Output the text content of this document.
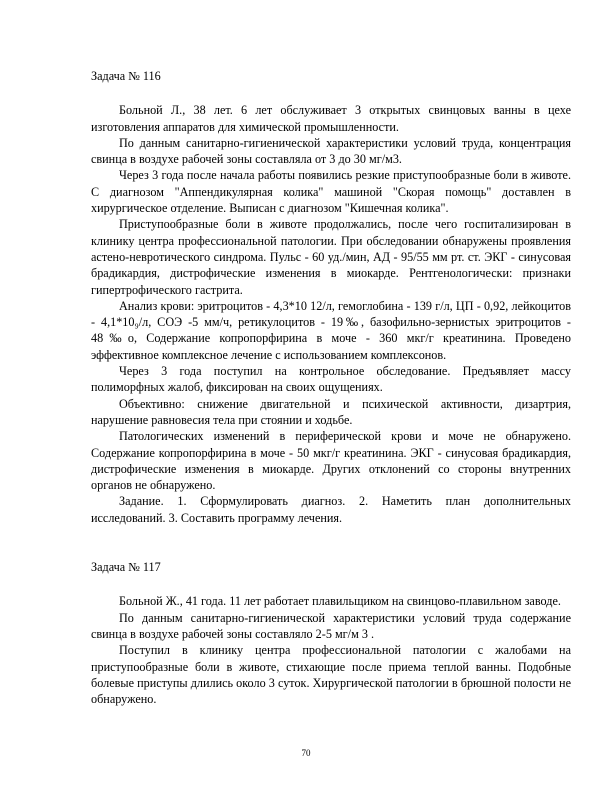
Задача № 116

Больной Л., 38 лет. 6 лет обслуживает 3 открытых свинцовых ванны в цехе изготовления аппаратов для химической промышленности.

По данным санитарно-гигиенической характеристики условий труда, концентрация свинца в воздухе рабочей зоны составляла от 3 до 30 мг/м3.

Через 3 года после начала работы появились резкие приступообразные боли в животе. С диагнозом "Аппендикулярная колика" машиной "Скорая помощь" доставлен в хирургическое отделение. Выписан с диагнозом "Кишечная колика".

Приступообразные боли в животе продолжались, после чего госпитализирован в клинику центра профессиональной патологии. При обследовании обнаружены проявления астено-невротического синдрома. Пульс - 60 уд./мин, АД - 95/55 мм рт. ст. ЭКГ - синусовая брадикардия, дистрофические изменения в миокарде. Рентгенологически: признаки гипертрофического гастрита.

Анализ крови: эритроцитов - 4,3*10 12/л, гемоглобина - 139 г/л, ЦП - 0,92, лейкоцитов - 4,1*10₉/л, СОЭ -5 мм/ч, ретикулоцитов - 19‰, базофильно-зернистых эритроцитов - 48‰о, Содержание копропорфирина в моче - 360 мкг/г креатинина. Проведено эффективное комплексное лечение с использованием комплексонов.

Через 3 года поступил на контрольное обследование. Предъявляет массу полиморфных жалоб, фиксирован на своих ощущениях.

Объективно: снижение двигательной и психической активности, дизартрия, нарушение равновесия тела при стоянии и ходьбе.

Патологических изменений в периферической крови и моче не обнаружено. Содержание копропорфирина в моче - 50 мкг/г креатинина. ЭКГ - синусовая брадикардия, дистрофические изменения в миокарде. Других отклонений со стороны внутренних органов не обнаружено.

Задание. 1. Сформулировать диагноз. 2. Наметить план дополнительных исследований. 3. Составить программу лечения.

Задача № 117

Больной Ж., 41 года. 11 лет работает плавильщиком на свинцово-плавильном заводе.

По данным санитарно-гигиенической характеристики условий труда содержание свинца в воздухе рабочей зоны составляло 2-5 мг/м 3 .

Поступил в клинику центра профессиональной патологии с жалобами на приступообразные боли в животе, стихающие после приема теплой ванны. Подобные болевые приступы длились около 3 суток. Хирургической патологии в брюшной полости не обнаружено.

70
